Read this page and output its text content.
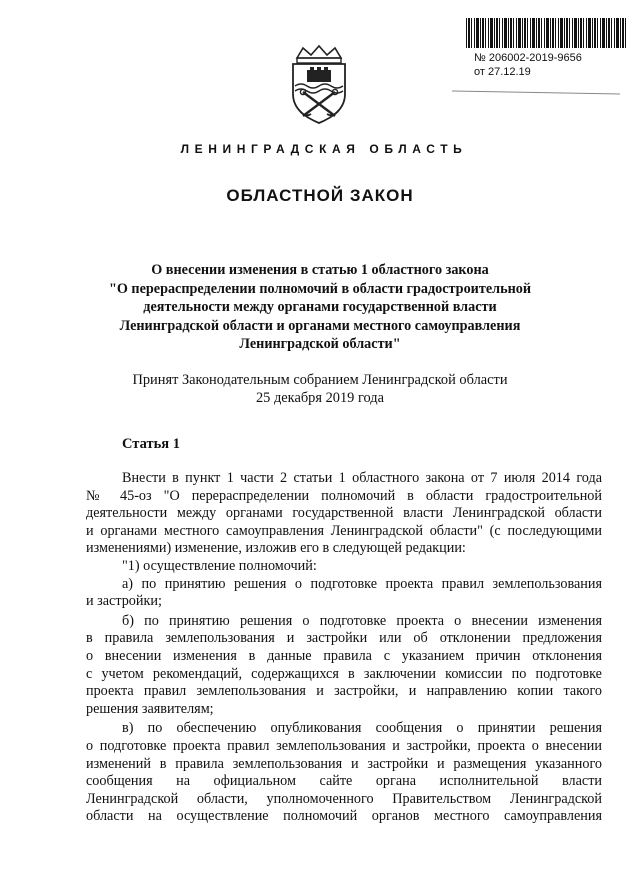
№ 206002-2019-9656
от 27.12.19
ЛЕНИНГРАДСКАЯ ОБЛАСТЬ
ОБЛАСТНОЙ ЗАКОН
О внесении изменения в статью 1 областного закона
"О перераспределении полномочий в области градостроительной
деятельности между органами государственной власти
Ленинградской области и органами местного самоуправления
Ленинградской области"
Принят Законодательным собранием Ленинградской области
25 декабря 2019 года
Статья 1

Внести в пункт 1 части 2 статьи 1 областного закона от 7 июля 2014 года

№ 45-оз "О перераспределении полномочий в области градостроительной

деятельности между органами государственной власти Ленинградской области

и органами местного самоуправления Ленинградской области" (с последующими

изменениями) изменение, изложив его в следующей редакции:

"1) осуществление полномочий:

а) по принятию решения о подготовке проекта правил землепользования

и застройки;

б) по принятию решения о подготовке проекта о внесении изменения

в правила землепользования и застройки или об отклонении предложения

о внесении изменения в данные правила с указанием причин отклонения

с учетом рекомендаций, содержащихся в заключении комиссии по подготовке

проекта правил землепользования и застройки, и направлению копии такого

решения заявителям;

в) по обеспечению опубликования сообщения о принятии решения

о подготовке проекта правил землепользования и застройки, проекта о внесении

изменений в правила землепользования и застройки и размещения указанного

сообщения на официальном сайте органа исполнительной власти

Ленинградской области, уполномоченного Правительством Ленинградской

области на осуществление полномочий органов местного самоуправления
